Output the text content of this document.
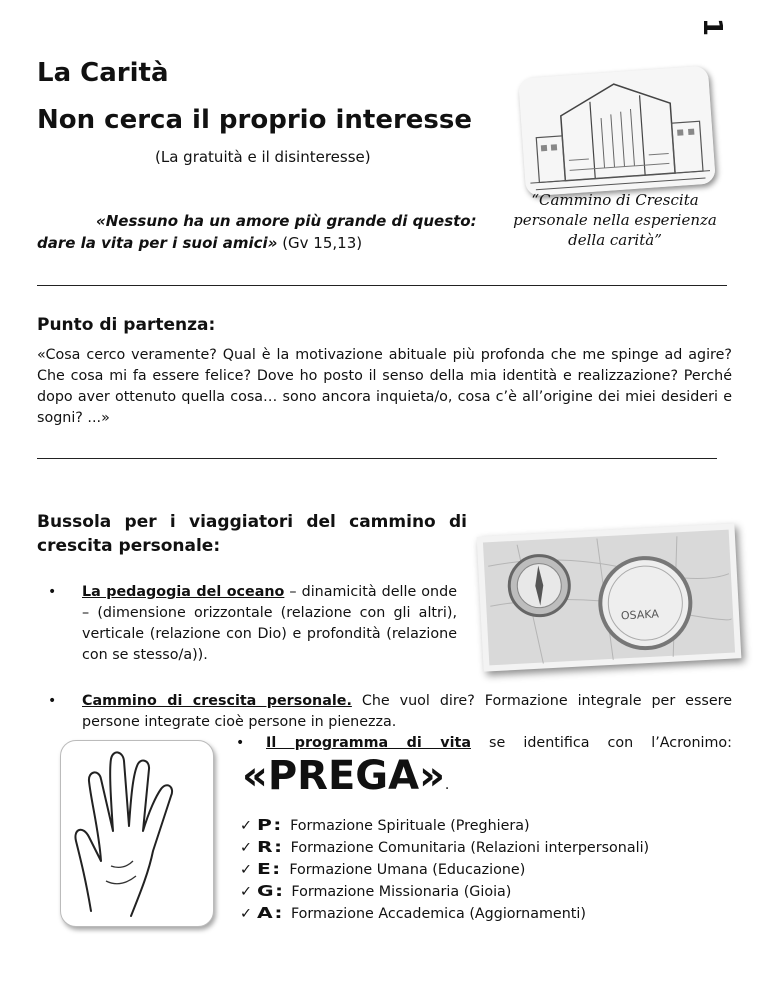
1
La Carità
Non cerca il proprio interesse
(La gratuità e il disinteresse)
«Nessuno ha un amore più grande di questo:
dare la vita per i suoi amici» (Gv 15,13)
“Cammino di Crescita personale nella esperienza della carità”
Punto di partenza:
«Cosa cerco veramente? Qual è la motivazione abituale più profonda che me spinge ad agire? Che cosa mi fa essere felice? Dove ho posto il senso della mia identità e realizzazione? Perché dopo aver ottenuto quella cosa… sono ancora inquieta/o, cosa c’è all’origine dei miei desideri e sogni? ...»
Bussola per i viaggiatori del cammino di
crescita personale:
OSAKA
• La pedagogia del oceano – dinamicità delle onde – (dimensione orizzontale (relazione con gli altri), verticale (relazione con Dio) e profondità (relazione con se stesso/a)).
• Cammino di crescita personale. Che vuol dire? Formazione integrale per essere persone integrate cioè persone in pienezza.
• Il programma di vita se identifica con l’Acronimo:
«PREGA».
✓ P: Formazione Spirituale (Preghiera)
✓ R: Formazione Comunitaria (Relazioni interpersonali)
✓ E: Formazione Umana (Educazione)
✓ G: Formazione Missionaria (Gioia)
✓ A: Formazione Accademica (Aggiornamenti)
